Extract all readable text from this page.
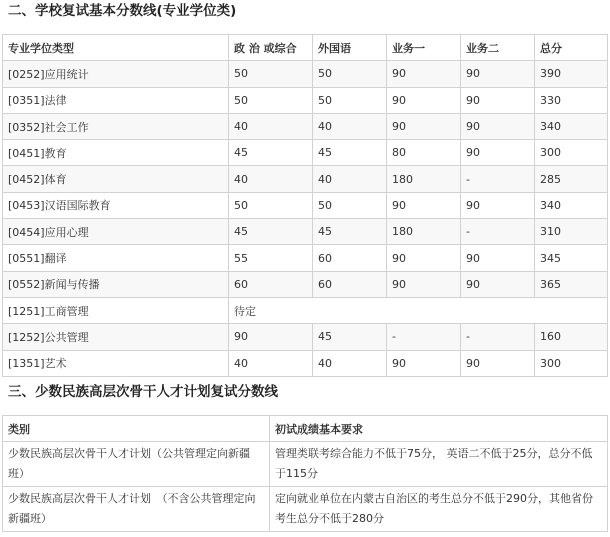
二、学校复试基本分数线(专业学位类)
专业学位类型	政 治 或综合	外国语	业务一	业务二	总分
[0252]应用统计	50	50	90	90	390
[0351]法律	50	50	90	90	330
[0352]社会工作	40	40	90	90	340
[0451]教育	45	45	80	90	300
[0452]体育	40	40	180	-	285
[0453]汉语国际教育	50	50	90	90	340
[0454]应用心理	45	45	180	-	310
[0551]翻译	55	60	90	90	345
[0552]新闻与传播	60	60	90	90	365
[1251]工商管理	待定				
[1252]公共管理	90	45	-	-	160
[1351]艺术	40	40	90	90	300
三、少数民族高层次骨干人才计划复试分数线
类别	初试成绩基本要求
少数民族高层次骨干人才计划（公共管理定向新疆班）	管理类联考综合能力不低于75分， 英语二不低于25分，总分不低于115分
少数民族高层次骨干人才计划　（不含公共管理定向新疆班）	定向就业单位在内蒙古自治区的考生总分不低于290分，其他省份考生总分不低于280分
